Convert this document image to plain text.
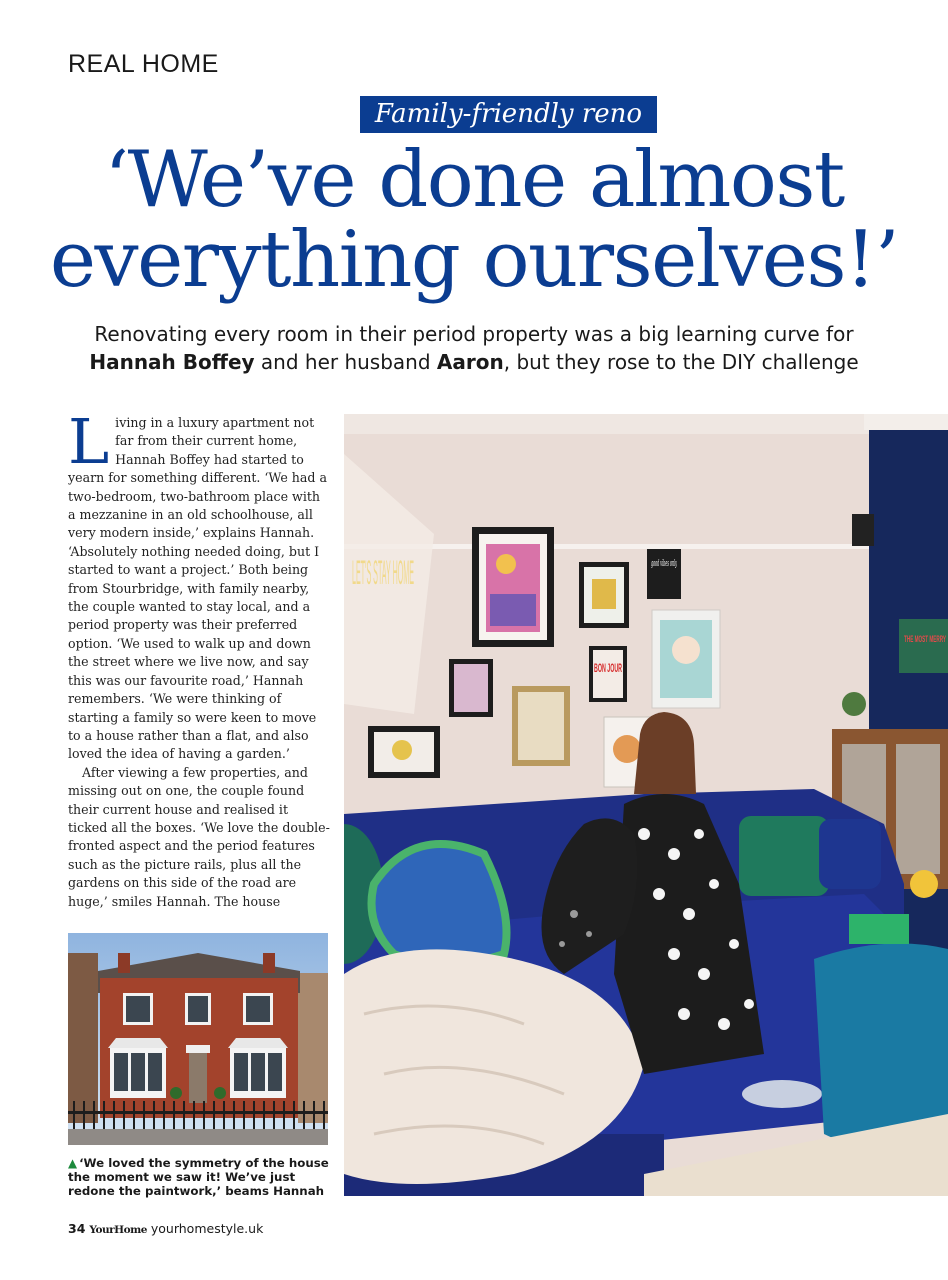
REAL HOME
Family-friendly reno
‘We’ve done almost
everything ourselves!’
Renovating every room in their period property was a big learning curve for
Hannah Boffey and her husband Aaron, but they rose to the DIY challenge

Living in a luxury apartment not far from their current home, Hannah Boffey had started to yearn for something different. ‘We had a two-bedroom, two-bathroom place with a mezzanine in an old schoolhouse, all very modern inside,’ explains Hannah. ‘Absolutely nothing needed doing, but I started to want a project.’ Both being from Stourbridge, with family nearby, the couple wanted to stay local, and a period property was their preferred option. ‘We used to walk up and down the street where we live now, and say this was our favourite road,’ Hannah remembers. ‘We were thinking of starting a family so were keen to move to a house rather than a flat, and also loved the idea of having a garden.’

After viewing a few properties, and missing out on one, the couple found their current house and realised it ticked all the boxes. ‘We love the double-fronted aspect and the period features such as the picture rails, plus all the gardens on this side of the road are huge,’ smiles Hannah. The house

▲ ‘We loved the symmetry of the house the moment we saw it! We’ve just redone the paintwork,’ beams Hannah
LET'S STAY HOME	good vibes only
BON JOUR
THE MOST MERRY
34 YourHome yourhomestyle.uk
